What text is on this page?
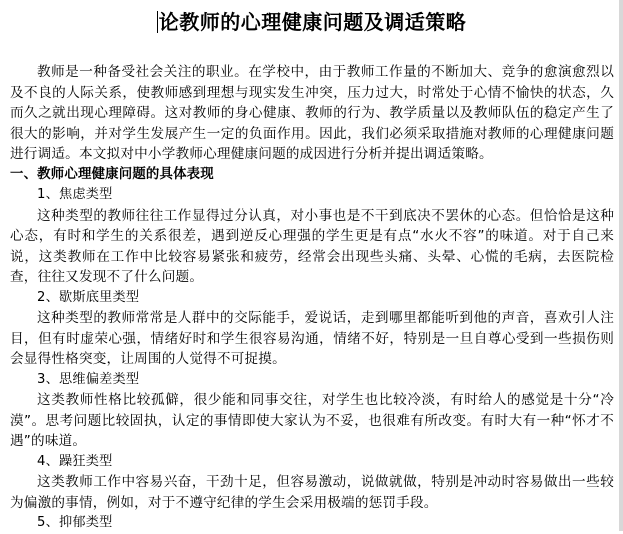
论教师的心理健康问题及调适策略

教师是一种备受社会关注的职业。在学校中，由于教师工作量的不断加大、竞争的愈演愈烈以及不良的人际关系，使教师感到理想与现实发生冲突，压力过大，时常处于心情不愉快的状态，久而久之就出现心理障碍。这对教师的身心健康、教师的行为、教学质量以及教师队伍的稳定产生了很大的影响，并对学生发展产生一定的负面作用。因此，我们必须采取措施对教师的心理健康问题进行调适。本文拟对中小学教师心理健康问题的成因进行分析并提出调适策略。

一、教师心理健康问题的具体表现

1、焦虑类型

这种类型的教师往往工作显得过分认真，对小事也是不干到底决不罢休的心态。但恰恰是这种心态，有时和学生的关系很差，遇到逆反心理强的学生更是有点“水火不容”的味道。对于自己来说，这类教师在工作中比较容易紧张和疲劳，经常会出现些头痛、头晕、心慌的毛病，去医院检查，往往又发现不了什么问题。

2、歇斯底里类型

这种类型的教师常常是人群中的交际能手，爱说话，走到哪里都能听到他的声音，喜欢引人注目，但有时虚荣心强，情绪好时和学生很容易沟通，情绪不好，特别是一旦自尊心受到一些损伤则会显得性格突变，让周围的人觉得不可捉摸。

3、思维偏差类型

这类教师性格比较孤僻，很少能和同事交往，对学生也比较冷淡，有时给人的感觉是十分“冷漠”。思考问题比较固执，认定的事情即使大家认为不妥，也很难有所改变。有时大有一种“怀才不遇”的味道。

4、躁狂类型

这类教师工作中容易兴奋，干劲十足，但容易激动，说做就做，特别是冲动时容易做出一些较为偏激的事情，例如，对于不遵守纪律的学生会采用极端的惩罚手段。

5、抑郁类型
